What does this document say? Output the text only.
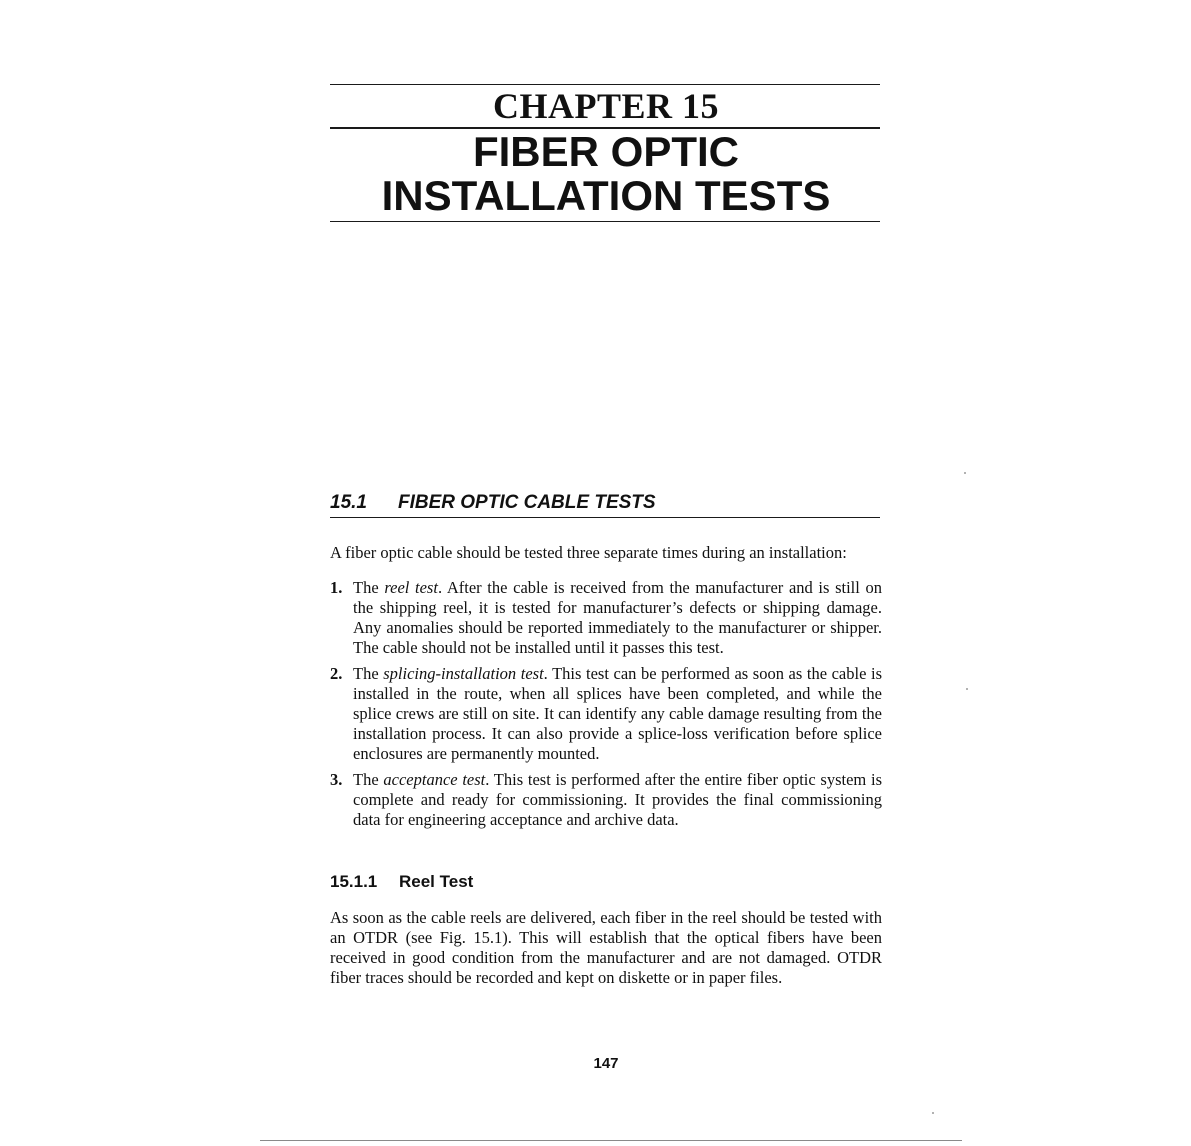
CHAPTER 15
FIBER OPTIC
INSTALLATION TESTS
15.1 FIBER OPTIC CABLE TESTS

A fiber optic cable should be tested three separate times during an installation:

1. The reel test. After the cable is received from the manufacturer and is still on the shipping reel, it is tested for manufacturer’s defects or shipping damage. Any anomalies should be reported immediately to the manufacturer or shipper. The cable should not be installed until it passes this test.
2. The splicing-installation test. This test can be performed as soon as the cable is installed in the route, when all splices have been completed, and while the splice crews are still on site. It can identify any cable damage resulting from the installation process. It can also provide a splice-loss verification before splice enclosures are permanently mounted.
3. The acceptance test. This test is performed after the entire fiber optic system is complete and ready for commissioning. It provides the final commissioning data for engineering acceptance and archive data.
15.1.1 Reel Test

As soon as the cable reels are delivered, each fiber in the reel should be tested with an OTDR (see Fig. 15.1). This will establish that the optical fibers have been received in good condition from the manufacturer and are not damaged. OTDR fiber traces should be recorded and kept on diskette or in paper files.

147
